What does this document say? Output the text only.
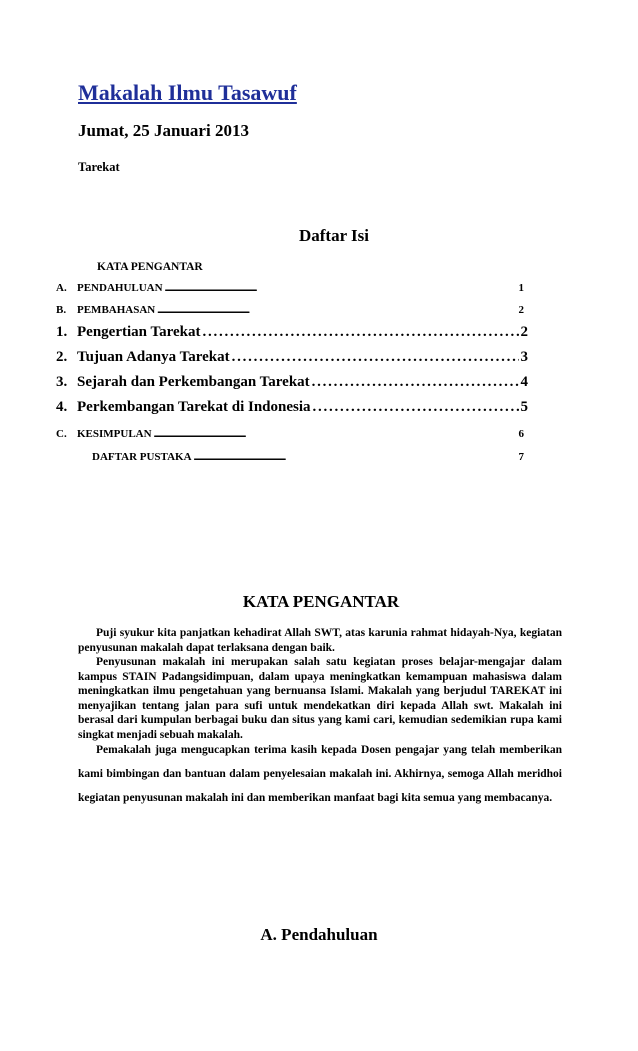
Makalah Ilmu Tasawuf
Jumat, 25 Januari 2013
Tarekat
Daftar Isi
KATA PENGANTAR
A. PENDAHULUAN . . .	1
B. PEMBAHASAN . . .	2
1. Pengertian Tarekat . . .	2
2. Tujuan Adanya Tarekat . . .	3
3. Sejarah dan Perkembangan Tarekat . . .	4
4. Perkembangan Tarekat di Indonesia . . .	5
C. KESIMPULAN . . .	6
DAFTAR PUSTAKA . . .	7
KATA PENGANTAR

Puji syukur kita panjatkan kehadirat Allah SWT, atas karunia rahmat hidayah-Nya, kegiatan penyusunan makalah dapat terlaksana dengan baik.

Penyusunan makalah ini merupakan salah satu kegiatan proses belajar-mengajar dalam kampus STAIN Padangsidimpuan, dalam upaya meningkatkan kemampuan mahasiswa dalam meningkatkan ilmu pengetahuan yang bernuansa Islami. Makalah yang berjudul TAREKAT ini menyajikan tentang jalan para sufi untuk mendekatkan diri kepada Allah swt. Makalah ini berasal dari kumpulan berbagai buku dan situs yang kami cari, kemudian sedemikian rupa kami singkat menjadi sebuah makalah.

Pemakalah juga mengucapkan terima kasih kepada Dosen pengajar yang telah memberikan kami bimbingan dan bantuan dalam penyelesaian makalah ini. Akhirnya, semoga Allah meridhoi kegiatan penyusunan makalah ini dan memberikan manfaat bagi kita semua yang membacanya.

A. Pendahuluan
